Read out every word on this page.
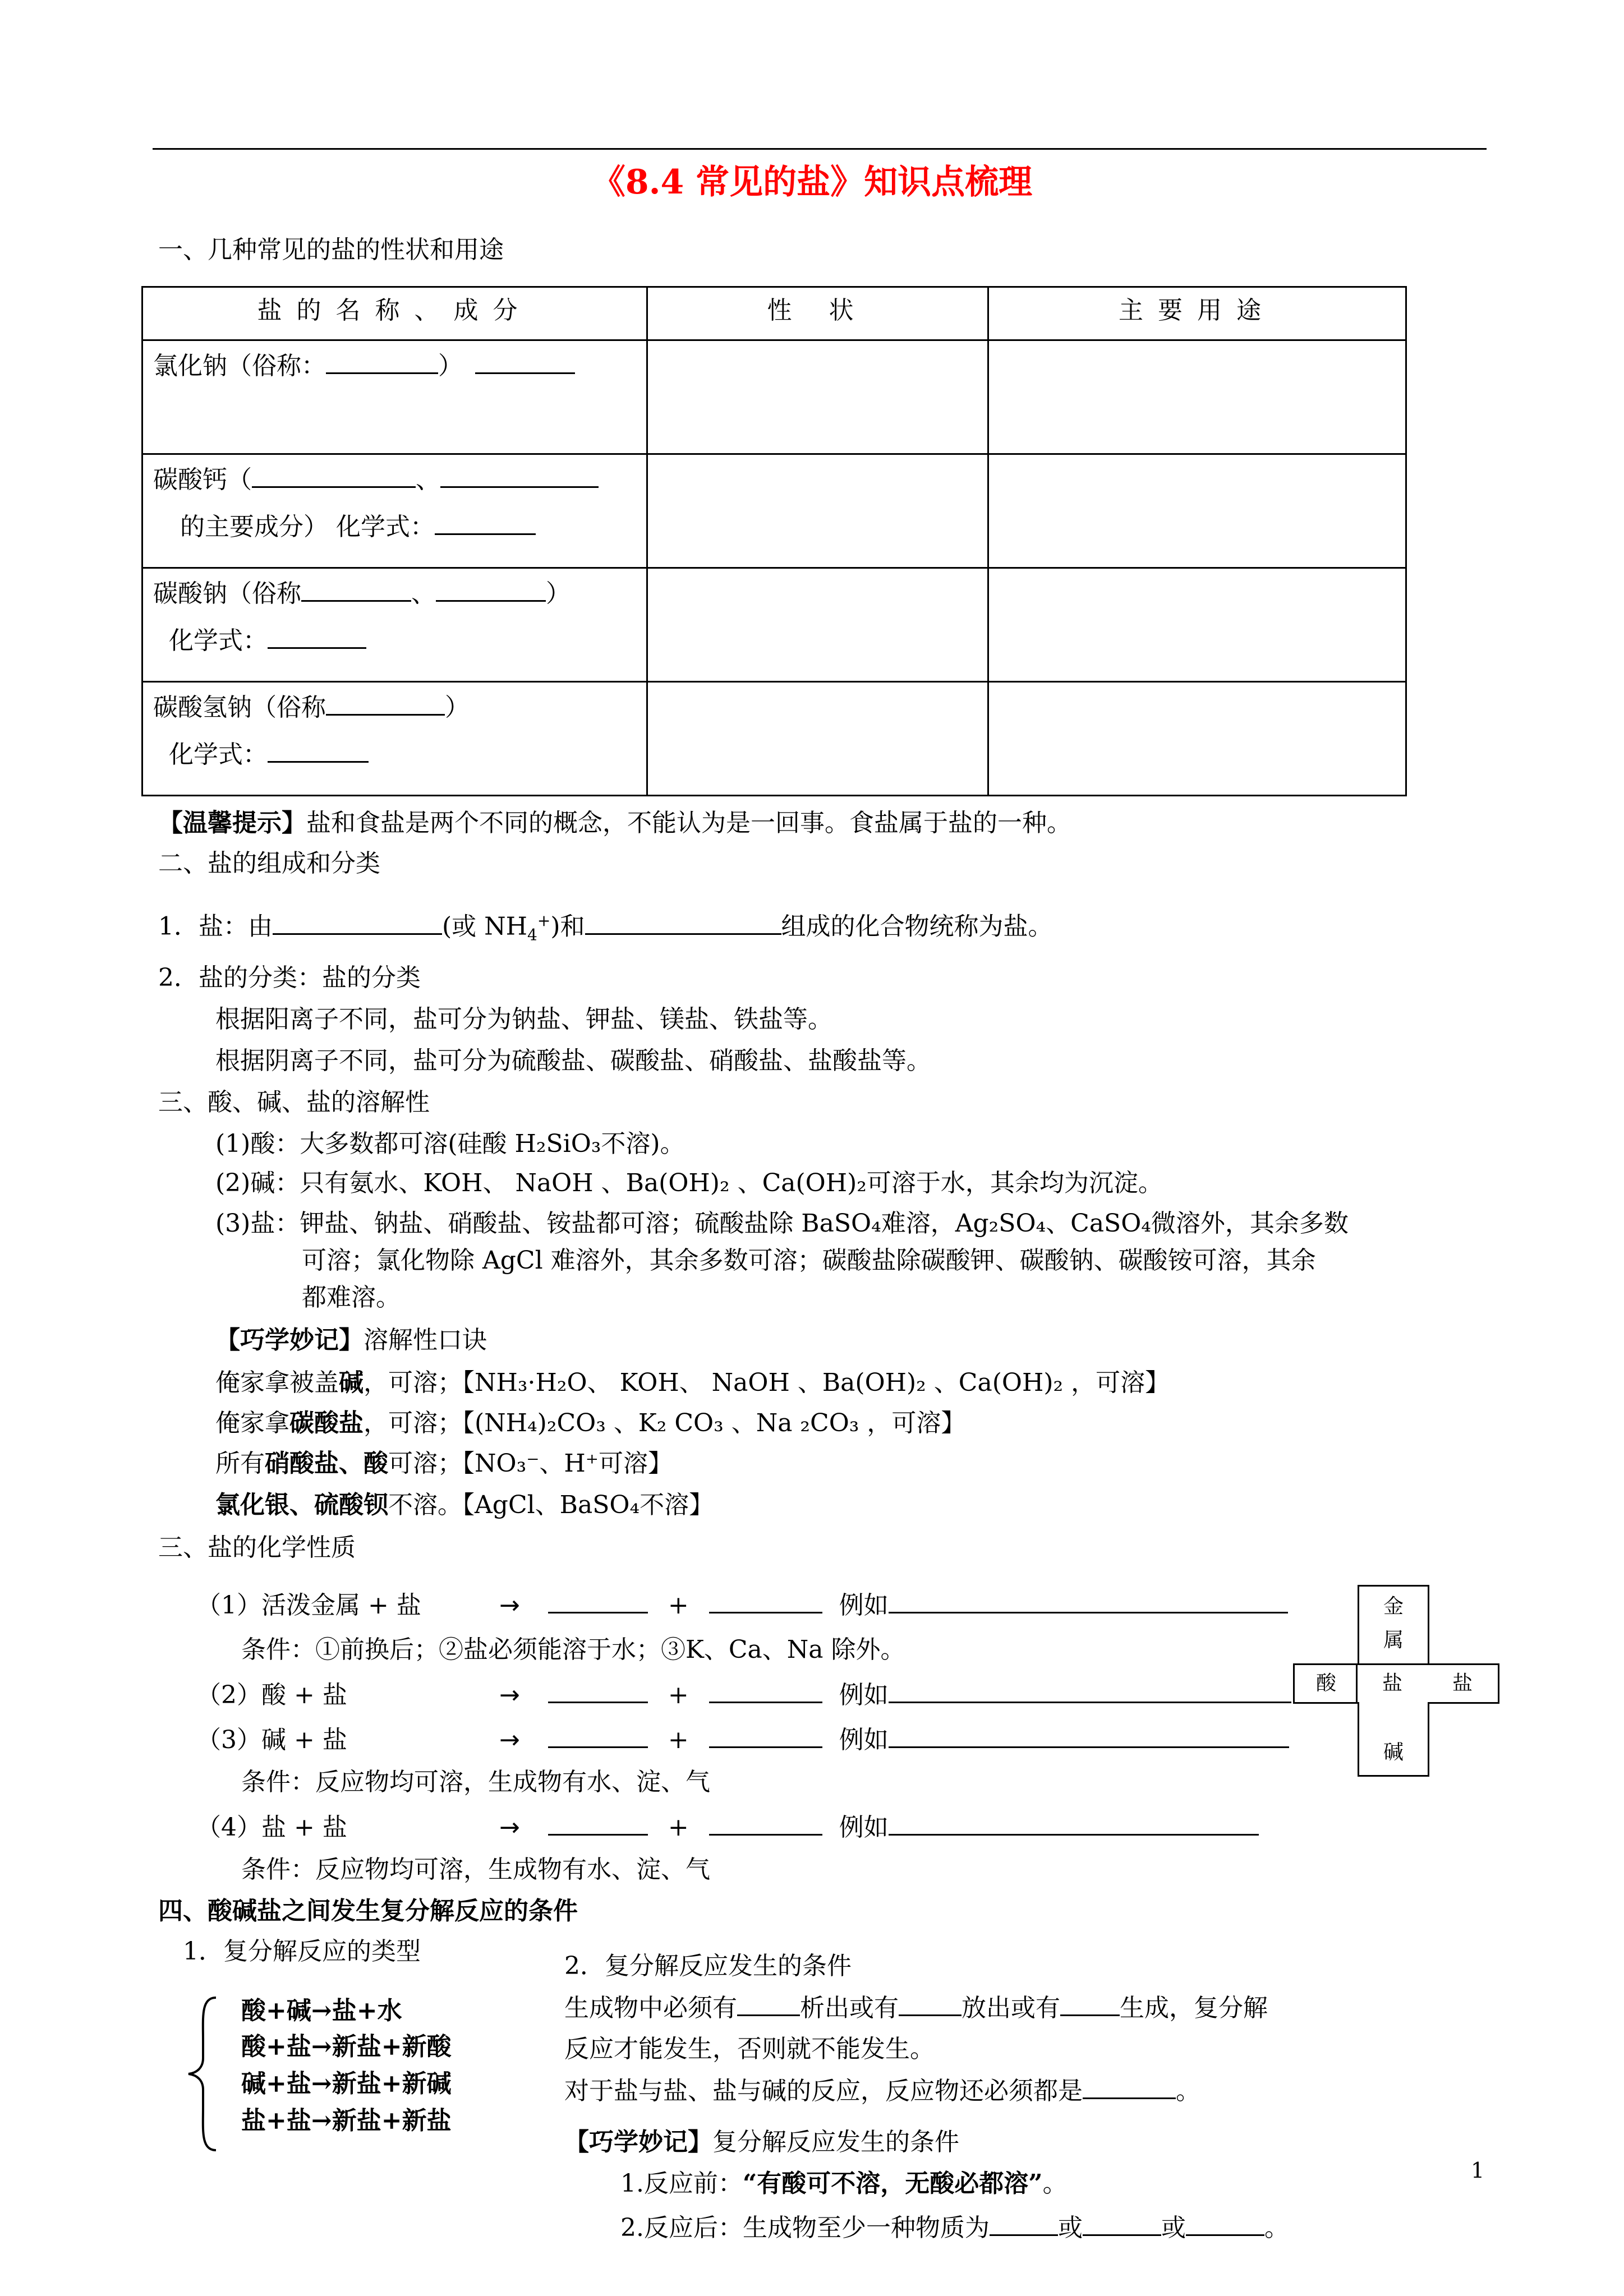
《8.4 常见的盐》知识点梳理
一、几种常见的盐的性状和用途
盐的名称、成分	性 状	主要用途

氯化钠（俗称： ）		

碳酸钙（ 、
的主要成分） 化学式：		

碳酸钠（俗称 、 ）
化学式：		

碳酸氢钠（俗称 ）
化学式：		

【温馨提示】盐和食盐是两个不同的概念，不能认为是一回事。食盐属于盐的一种。
二、盐的组成和分类
1．盐：由	(或 $NH_4^+$)和	组成的化合物统称为盐。
2．盐的分类：盐的分类
根据阳离子不同，盐可分为钠盐、钾盐、镁盐、铁盐等。
根据阴离子不同，盐可分为硫酸盐、碳酸盐、硝酸盐、盐酸盐等。
三、酸、碱、盐的溶解性
(1)酸：大多数都可溶(硅酸 H₂SiO₃不溶)。
(2)碱：只有氨水、KOH、 NaOH 、Ba(OH)₂ 、Ca(OH)₂可溶于水，其余均为沉淀。
(3)盐：钾盐、钠盐、硝酸盐、铵盐都可溶；硫酸盐除 BaSO₄难溶，Ag₂SO₄、CaSO₄微溶外，其余多数
可溶；氯化物除 AgCl 难溶外，其余多数可溶；碳酸盐除碳酸钾、碳酸钠、碳酸铵可溶，其余
都难溶。
【巧学妙记】溶解性口诀
俺家拿被盖碱，可溶；【NH₃·H₂O、 KOH、 NaOH 、Ba(OH)₂ 、Ca(OH)₂ ，可溶】
俺家拿碳酸盐，可溶；【(NH₄)₂CO₃ 、K₂ CO₃ 、Na ₂CO₃ ，可溶】
所有硝酸盐、酸可溶；【NO₃⁻、H⁺可溶】
氯化银、硫酸钡不溶。【AgCl、BaSO₄不溶】
三、盐的化学性质
（1）活泼金属 + 盐	→	+	例如
条件：①前换后；②盐必须能溶于水；③K、Ca、Na 除外。
（2）酸 + 盐	→	+	例如
（3）碱 + 盐	→	+	例如
条件：反应物均可溶，生成物有水、淀、气
（4）盐 + 盐	→	+	例如
条件：反应物均可溶，生成物有水、淀、气
金属
酸	盐	盐
碱
四、酸碱盐之间发生复分解反应的条件
1．复分解反应的类型
2．复分解反应发生的条件
酸+碱→盐+水
酸+盐→新盐+新酸
碱+盐→新盐+新碱
盐+盐→新盐+新盐
生成物中必须有	析出或有	放出或有 生成，复分解
反应才能发生，否则就不能发生。
对于盐与盐、盐与碱的反应，反应物还必须都是	。
【巧学妙记】复分解反应发生的条件
1.反应前：“有酸可不溶，无酸必都溶”。
2.反应后：生成物至少一种物质为	或	或	。
1
